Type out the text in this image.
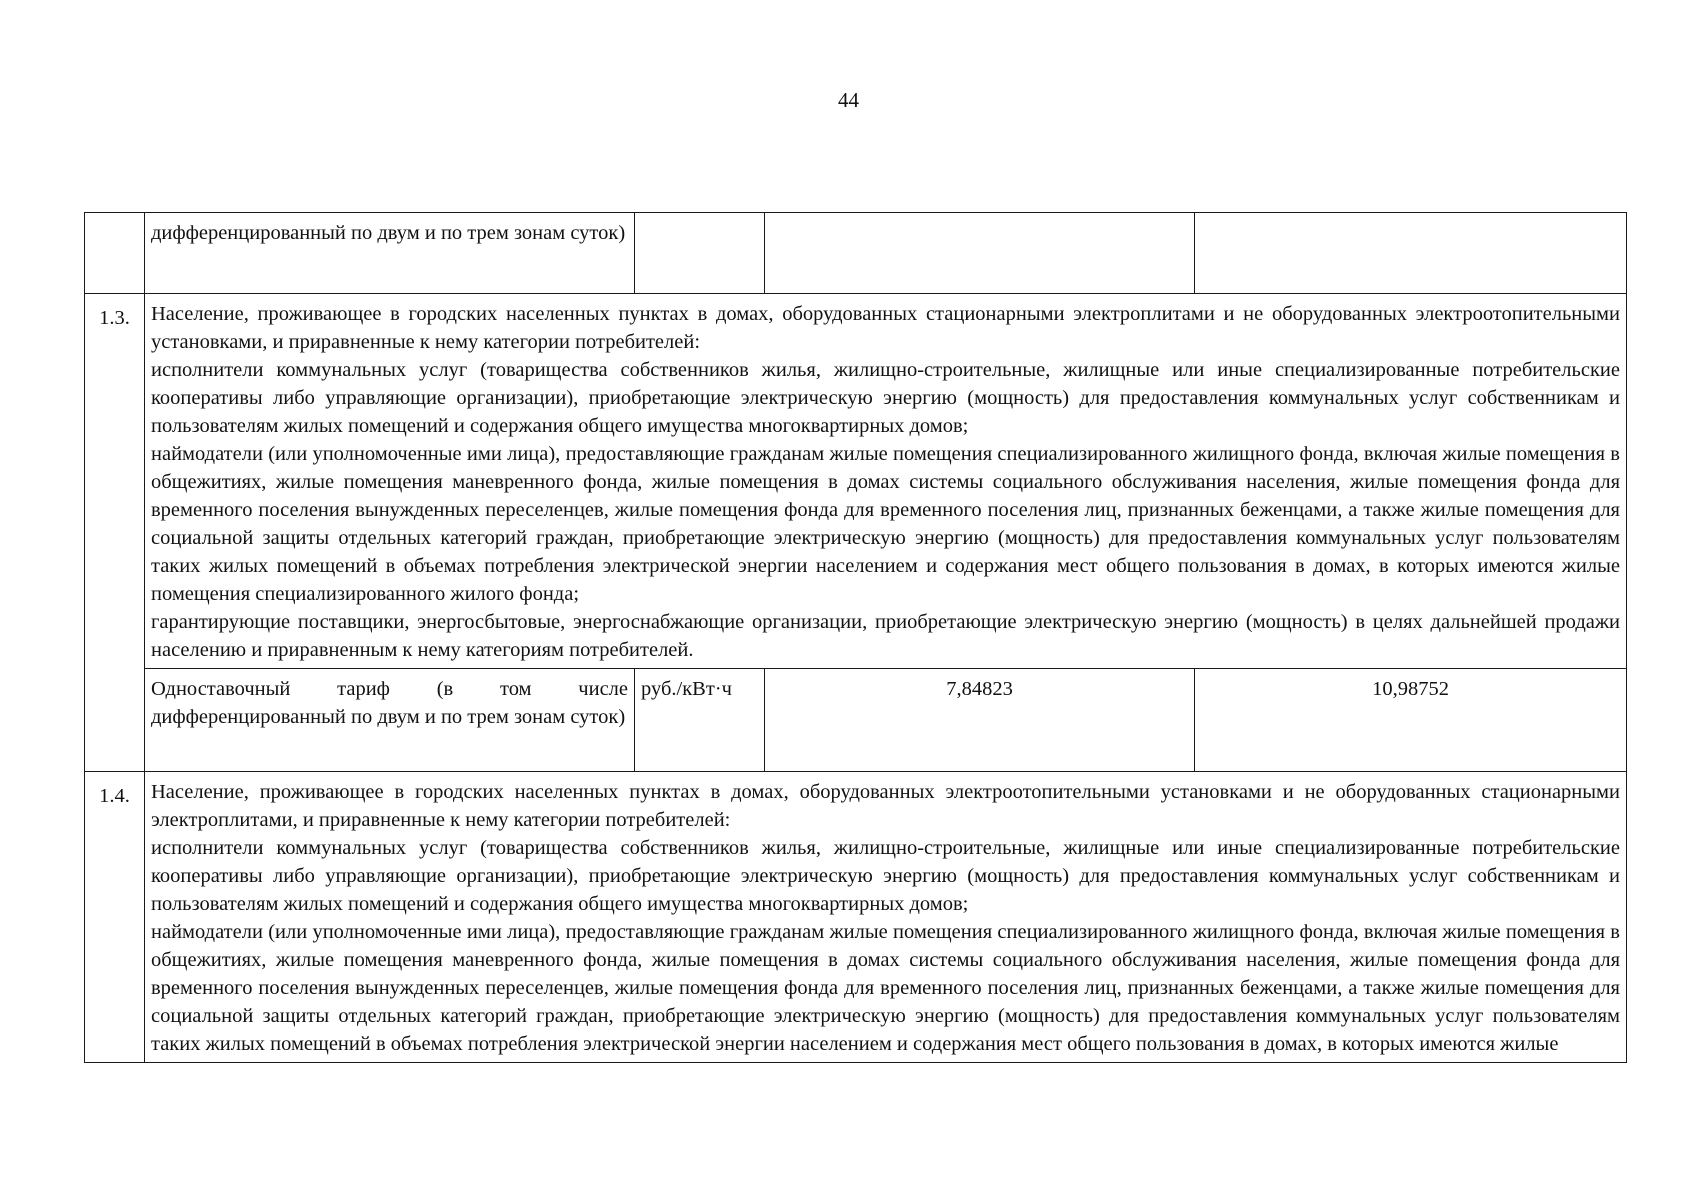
44
	дифференцированный по двум и по трем зонам суток)			
1.3.	Население, проживающее в городских населенных пунктах в домах, оборудованных стационарными электроплитами и не оборудованных электроотопительными установками, и приравненные к нему категории потребителей:

исполнители коммунальных услуг (товарищества собственников жилья, жилищно-строительные, жилищные или иные специализированные потребительские кооперативы либо управляющие организации), приобретающие электрическую энергию (мощность) для предоставления коммунальных услуг собственникам и пользователям жилых помещений и содержания общего имущества многоквартирных домов;

наймодатели (или уполномоченные ими лица), предоставляющие гражданам жилые помещения специализированного жилищного фонда, включая жилые помещения в общежитиях, жилые помещения маневренного фонда, жилые помещения в домах системы социального обслуживания населения, жилые помещения фонда для временного поселения вынужденных переселенцев, жилые помещения фонда для временного поселения лиц, признанных беженцами, а также жилые помещения для социальной защиты отдельных категорий граждан, приобретающие электрическую энергию (мощность) для предоставления коммунальных услуг пользователям таких жилых помещений в объемах потребления электрической энергии населением и содержания мест общего пользования в домах, в которых имеются жилые помещения специализированного жилого фонда;

гарантирующие поставщики, энергосбытовые, энергоснабжающие организации, приобретающие электрическую энергию (мощность) в целях дальнейшей продажи населению и приравненным к нему категориям потребителей.			

	Одноставочный тариф (в том числе дифференцированный по двум и по трем зонам суток)	руб./кВт·ч	7,84823	10,98752
1.4.	Население, проживающее в городских населенных пунктах в домах, оборудованных электроотопительными установками и не оборудованных стационарными электроплитами, и приравненные к нему категории потребителей:

исполнители коммунальных услуг (товарищества собственников жилья, жилищно-строительные, жилищные или иные специализированные потребительские кооперативы либо управляющие организации), приобретающие электрическую энергию (мощность) для предоставления коммунальных услуг собственникам и пользователям жилых помещений и содержания общего имущества многоквартирных домов;

наймодатели (или уполномоченные ими лица), предоставляющие гражданам жилые помещения специализированного жилищного фонда, включая жилые помещения в общежитиях, жилые помещения маневренного фонда, жилые помещения в домах системы социального обслуживания населения, жилые помещения фонда для временного поселения вынужденных переселенцев, жилые помещения фонда для временного поселения лиц, признанных беженцами, а также жилые помещения для социальной защиты отдельных категорий граждан, приобретающие электрическую энергию (мощность) для предоставления коммунальных услуг пользователям таких жилых помещений в объемах потребления электрической энергии населением и содержания мест общего пользования в домах, в которых имеются жилые			
